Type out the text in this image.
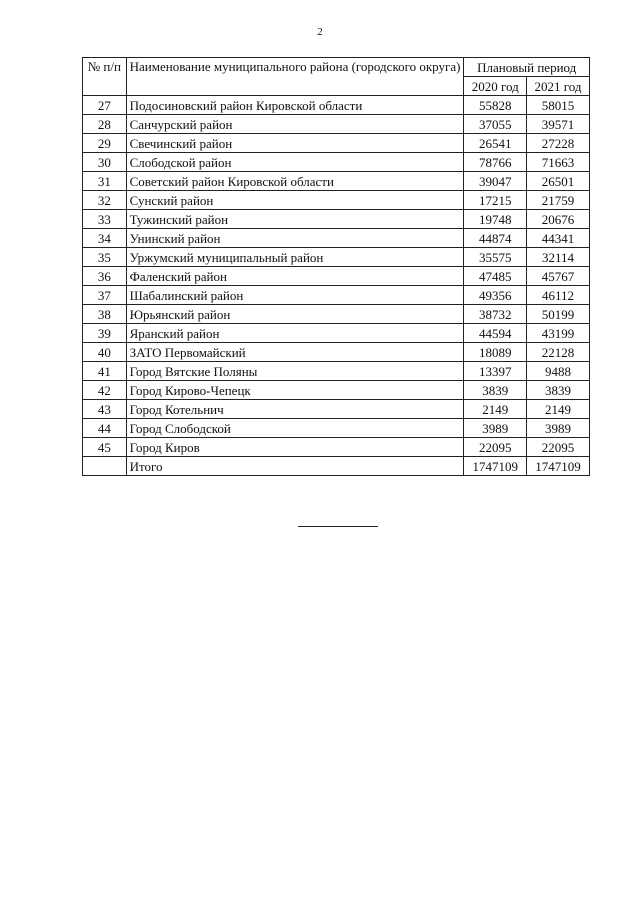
2
№ п/п	Наименование муниципального района (городского округа)	Плановый период	
		2020 год	2021 год
27	Подосиновский район Кировской области	55828	58015
28	Санчурский район	37055	39571
29	Свечинский район	26541	27228
30	Слободской район	78766	71663
31	Советский район Кировской области	39047	26501
32	Сунский район	17215	21759
33	Тужинский район	19748	20676
34	Унинский район	44874	44341
35	Уржумский муниципальный район	35575	32114
36	Фаленский район	47485	45767
37	Шабалинский район	49356	46112
38	Юрьянский район	38732	50199
39	Яранский район	44594	43199
40	ЗАТО Первомайский	18089	22128
41	Город Вятские Поляны	13397	9488
42	Город Кирово-Чепецк	3839	3839
43	Город Котельнич	2149	2149
44	Город Слободской	3989	3989
45	Город Киров	22095	22095
	Итого	1747109	1747109
